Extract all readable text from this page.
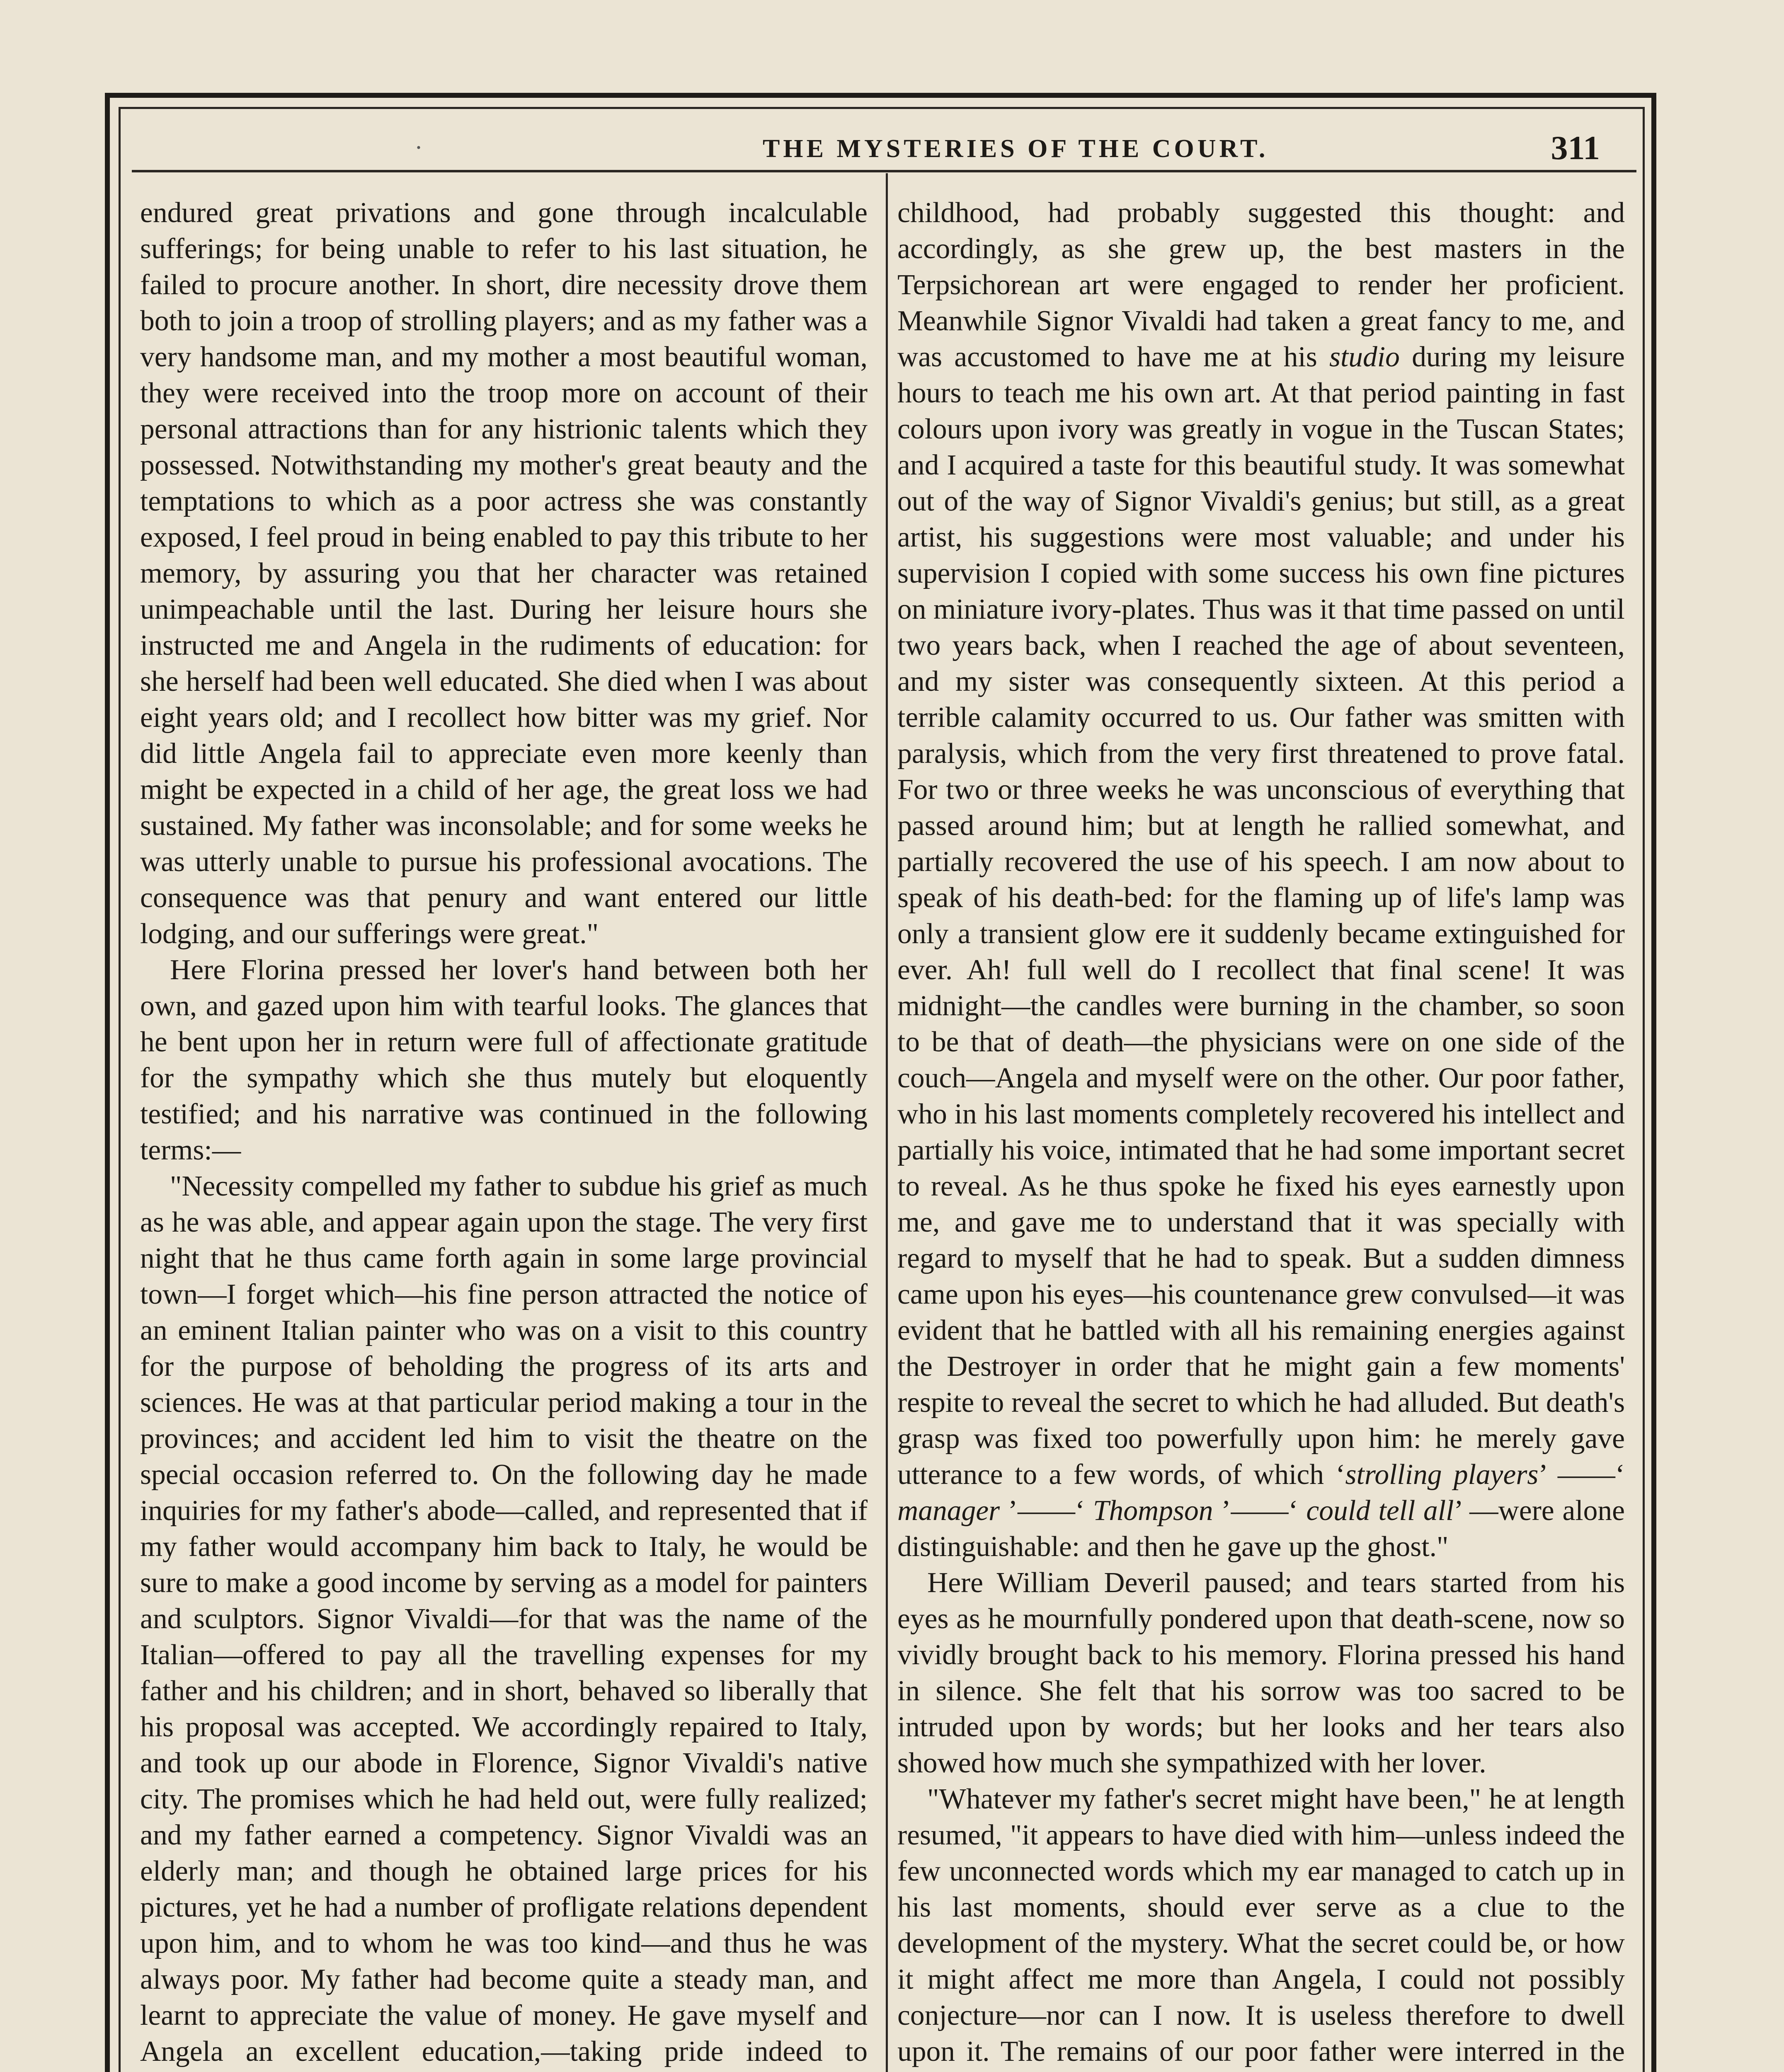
·	THE MYSTERIES OF THE COURT.	311

endured great privations and gone through incalculable sufferings; for being unable to refer to his last situation, he failed to procure another. In short, dire necessity drove them both to join a troop of strolling players; and as my father was a very handsome man, and my mother a most beautiful woman, they were received into the troop more on account of their personal attractions than for any histrionic talents which they possessed. Notwithstanding my mother's great beauty and the temptations to which as a poor actress she was constantly exposed, I feel proud in being enabled to pay this tribute to her memory, by assuring you that her character was retained unimpeachable until the last. During her leisure hours she instructed me and Angela in the rudiments of education: for she herself had been well educated. She died when I was about eight years old; and I recollect how bitter was my grief. Nor did little Angela fail to appreciate even more keenly than might be expected in a child of her age, the great loss we had sustained. My father was inconsolable; and for some weeks he was utterly unable to pursue his professional avocations. The consequence was that penury and want entered our little lodging, and our sufferings were great."

Here Florina pressed her lover's hand between both her own, and gazed upon him with tearful looks. The glances that he bent upon her in return were full of affectionate gratitude for the sympathy which she thus mutely but eloquently testified; and his narrative was continued in the following terms:—

"Necessity compelled my father to subdue his grief as much as he was able, and appear again upon the stage. The very first night that he thus came forth again in some large provincial town—I forget which—his fine person attracted the notice of an eminent Italian painter who was on a visit to this country for the purpose of beholding the progress of its arts and sciences. He was at that particular period making a tour in the provinces; and accident led him to visit the theatre on the special occasion referred to. On the following day he made inquiries for my father's abode—called, and represented that if my father would accompany him back to Italy, he would be sure to make a good income by serving as a model for painters and sculptors. Signor Vivaldi—for that was the name of the Italian—offered to pay all the travelling expenses for my father and his children; and in short, behaved so liberally that his proposal was accepted. We accordingly repaired to Italy, and took up our abode in Florence, Signor Vivaldi's native city. The promises which he had held out, were fully realized; and my father earned a competency. Signor Vivaldi was an elderly man; and though he obtained large prices for his pictures, yet he had a number of profligate relations dependent upon him, and to whom he was too kind—and thus he was always poor. My father had become quite a steady man, and learnt to appreciate the value of money. He gave myself and Angela an excellent education,—taking pride indeed to

childhood, had probably suggested this thought: and accordingly, as she grew up, the best masters in the Terpsichorean art were engaged to render her proficient. Meanwhile Signor Vivaldi had taken a great fancy to me, and was accustomed to have me at his studio during my leisure hours to teach me his own art. At that period painting in fast colours upon ivory was greatly in vogue in the Tuscan States; and I acquired a taste for this beautiful study. It was somewhat out of the way of Signor Vivaldi's genius; but still, as a great artist, his suggestions were most valuable; and under his supervision I copied with some success his own fine pictures on miniature ivory-plates. Thus was it that time passed on until two years back, when I reached the age of about seventeen, and my sister was consequently sixteen. At this period a terrible calamity occurred to us. Our father was smitten with paralysis, which from the very first threatened to prove fatal. For two or three weeks he was unconscious of everything that passed around him; but at length he rallied somewhat, and partially recovered the use of his speech. I am now about to speak of his death-bed: for the flaming up of life's lamp was only a transient glow ere it suddenly became extinguished for ever. Ah! full well do I recollect that final scene! It was midnight—the candles were burning in the chamber, so soon to be that of death—the physicians were on one side of the couch—Angela and myself were on the other. Our poor father, who in his last moments completely recovered his intellect and partially his voice, intimated that he had some important secret to reveal. As he thus spoke he fixed his eyes earnestly upon me, and gave me to understand that it was specially with regard to myself that he had to speak. But a sudden dimness came upon his eyes—his countenance grew convulsed—it was evident that he battled with all his remaining energies against the Destroyer in order that he might gain a few moments' respite to reveal the secret to which he had alluded. But death's grasp was fixed too powerfully upon him: he merely gave utterance to a few words, of which ‘strolling players’ ——‘ manager ’——‘ Thompson ’——‘ could tell all’ —were alone distinguishable: and then he gave up the ghost."

Here William Deveril paused; and tears started from his eyes as he mournfully pondered upon that death-scene, now so vividly brought back to his memory. Florina pressed his hand in silence. She felt that his sorrow was too sacred to be intruded upon by words; but her looks and her tears also showed how much she sympathized with her lover.

"Whatever my father's secret might have been," he at length resumed, "it appears to have died with him—unless indeed the few unconnected words which my ear managed to catch up in his last moments, should ever serve as a clue to the development of the mystery. What the secret could be, or how it might affect me more than Angela, I could not possibly conjecture—nor can I now. It is useless therefore to dwell upon it. The remains of our poor father were interred in the
